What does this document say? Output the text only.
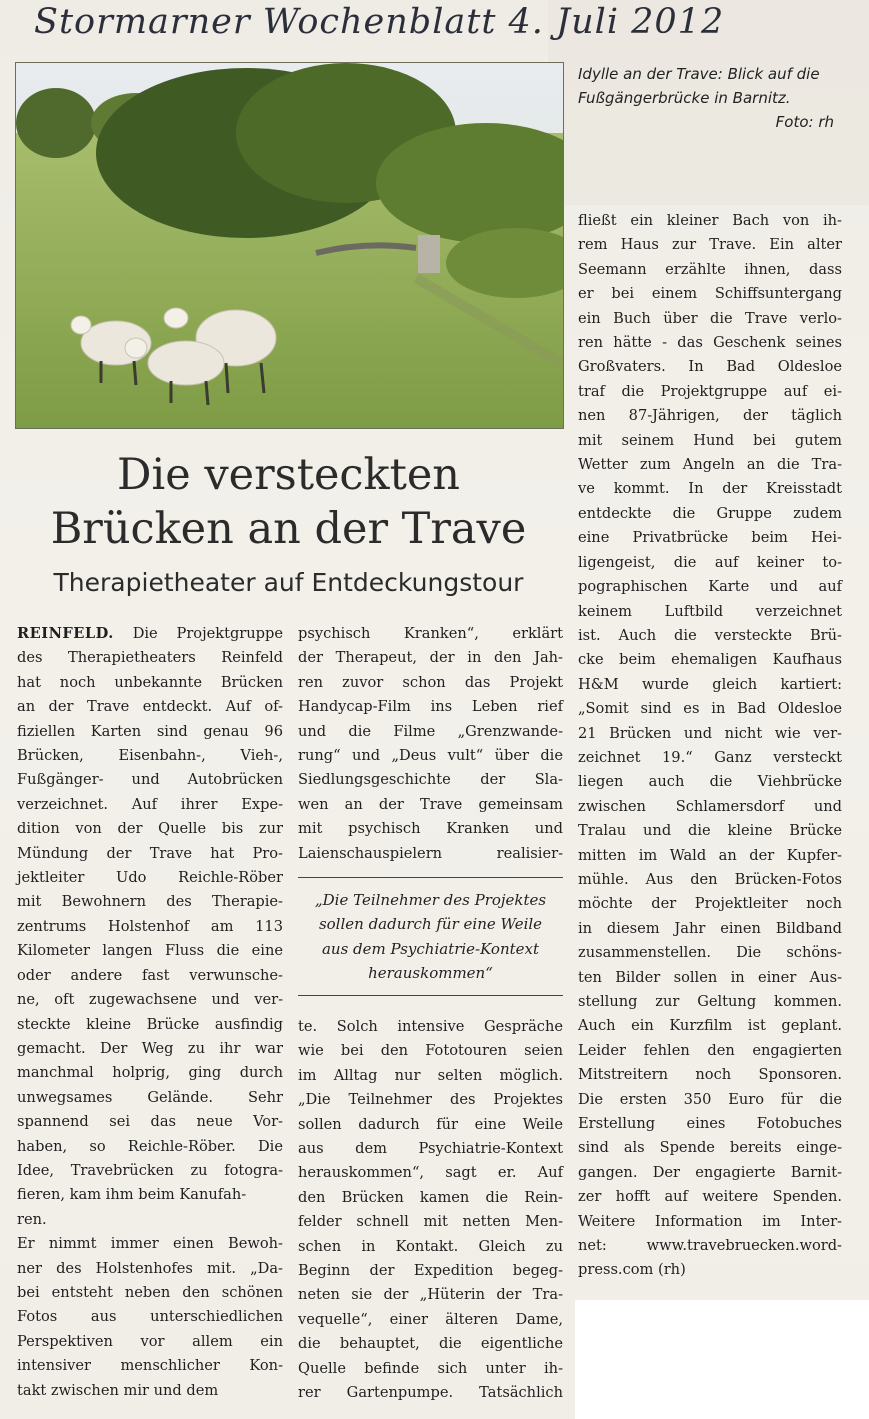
Stormarner Wochenblatt 4. Juli 2012
Idylle an der Trave: Blick auf die
Fußgängerbrücke in Barnitz.
Foto: rh
Die versteckten
Brücken an der Trave
Therapietheater auf Entdeckungstour

REINFELD. Die Projektgruppe

des Therapietheaters Reinfeld

hat noch unbekannte Brücken

an der Trave entdeckt. Auf of-

fiziellen Karten sind genau 96

Brücken, Eisenbahn-, Vieh-,

Fußgänger- und Autobrücken

verzeichnet. Auf ihrer Expe-

dition von der Quelle bis zur

Mündung der Trave hat Pro-

jektleiter Udo Reichle-Röber

mit Bewohnern des Therapie-

zentrums Holstenhof am 113

Kilometer langen Fluss die eine

oder andere fast verwunsche-

ne, oft zugewachsene und ver-

steckte kleine Brücke ausfindig

gemacht. Der Weg zu ihr war

manchmal holprig, ging durch

unwegsames Gelände. Sehr

spannend sei das neue Vor-

haben, so Reichle-Röber. Die

Idee, Travebrücken zu fotogra-

fieren, kam ihm beim Kanufah-

ren.

Er nimmt immer einen Bewoh-

ner des Holstenhofes mit. „Da-

bei entsteht neben den schönen

Fotos aus unterschiedlichen

Perspektiven vor allem ein

intensiver menschlicher Kon-

takt zwischen mir und dem

psychisch Kranken“, erklärt

der Therapeut, der in den Jah-

ren zuvor schon das Projekt

Handycap-Film ins Leben rief

und die Filme „Grenzwande-

rung“ und „Deus vult“ über die

Siedlungsgeschichte der Sla-

wen an der Trave gemeinsam

mit psychisch Kranken und

Laienschauspielern realisier-

„Die Teilnehmer des Projektes

sollen dadurch für eine Weile

aus dem Psychiatrie-Kontext

herauskommen“

te. Solch intensive Gespräche

wie bei den Fototouren seien

im Alltag nur selten möglich.

„Die Teilnehmer des Projektes

sollen dadurch für eine Weile

aus dem Psychiatrie-Kontext

herauskommen“, sagt er. Auf

den Brücken kamen die Rein-

felder schnell mit netten Men-

schen in Kontakt. Gleich zu

Beginn der Expedition begeg-

neten sie der „Hüterin der Tra-

vequelle“, einer älteren Dame,

die behauptet, die eigentliche

Quelle befinde sich unter ih-

rer Gartenpumpe. Tatsächlich

fließt ein kleiner Bach von ih-

rem Haus zur Trave. Ein alter

Seemann erzählte ihnen, dass

er bei einem Schiffsuntergang

ein Buch über die Trave verlo-

ren hätte - das Geschenk seines

Großvaters. In Bad Oldesloe

traf die Projektgruppe auf ei-

nen 87-Jährigen, der täglich

mit seinem Hund bei gutem

Wetter zum Angeln an die Tra-

ve kommt. In der Kreisstadt

entdeckte die Gruppe zudem

eine Privatbrücke beim Hei-

ligengeist, die auf keiner to-

pographischen Karte und auf

keinem Luftbild verzeichnet

ist. Auch die versteckte Brü-

cke beim ehemaligen Kaufhaus

H&M wurde gleich kartiert:

„Somit sind es in Bad Oldesloe

21 Brücken und nicht wie ver-

zeichnet 19.“ Ganz versteckt

liegen auch die Viehbrücke

zwischen Schlamersdorf und

Tralau und die kleine Brücke

mitten im Wald an der Kupfer-

mühle. Aus den Brücken-Fotos

möchte der Projektleiter noch

in diesem Jahr einen Bildband

zusammenstellen. Die schöns-

ten Bilder sollen in einer Aus-

stellung zur Geltung kommen.

Auch ein Kurzfilm ist geplant.

Leider fehlen den engagierten

Mitstreitern noch Sponsoren.

Die ersten 350 Euro für die

Erstellung eines Fotobuches

sind als Spende bereits einge-

gangen. Der engagierte Barnit-

zer hofft auf weitere Spenden.

Weitere Information im Inter-

net: www.travebruecken.word-

press.com (rh)
